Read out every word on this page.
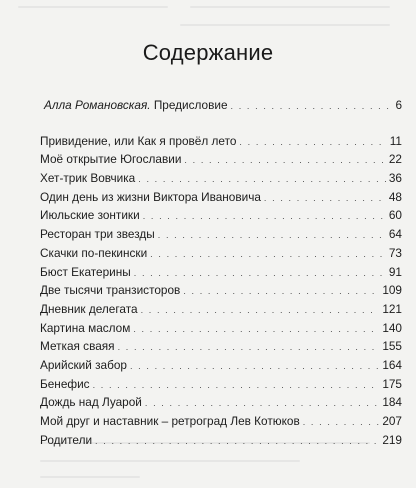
Содержание
Алла Романовская. Предисловие . . .	6
Привидение, или Как я провёл лето . . .	11
Моё открытие Югославии . . .	22
Хет-трик Вовчика . . .	36
Один день из жизни Виктора Ивановича . . .	48
Июльские зонтики . . .	60
Ресторан три звезды . . .	64
Скачки по-пекински . . .	73
Бюст Екатерины . . .	91
Две тысячи транзисторов . . .	109
Дневник делегата . . .	121
Картина маслом . . .	140
Меткая сваяя . . .	155
Арийский забор . . .	164
Бенефис . . .	175
Дождь над Луарой . . .	184
Мой друг и наставник – ретроград Лев Котюков . . .	207
Родители . . .	219
